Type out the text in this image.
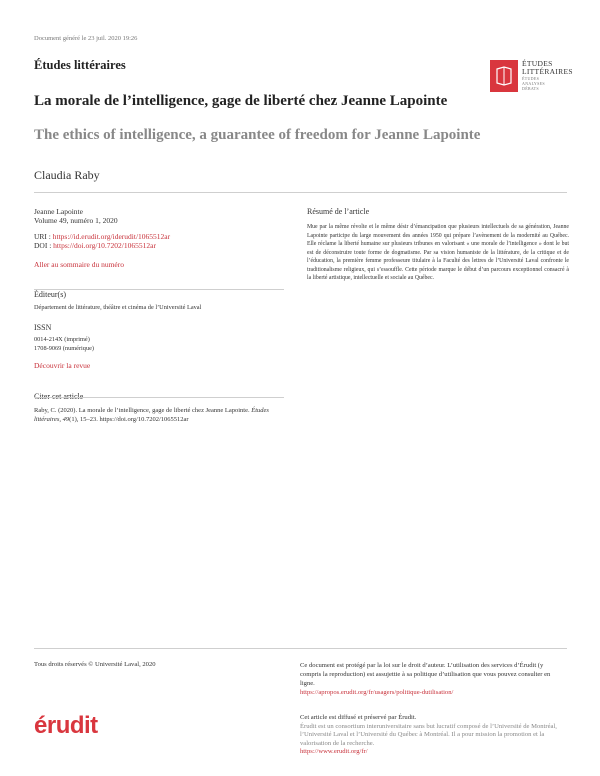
Document généré le 23 juil. 2020 19:26
Études littéraires	ÉTUDES
LITTÉRAIRES
ÉTUDES
ANALYSES
DÉBATS
La morale de l’intelligence, gage de liberté chez Jeanne Lapointe
The ethics of intelligence, a guarantee of freedom for Jeanne Lapointe
Claudia Raby
Jeanne Lapointe
Volume 49, numéro 1, 2020
URI : https://id.erudit.org/iderudit/1065512ar
DOI : https://doi.org/10.7202/1065512ar
Aller au sommaire du numéro
Éditeur(s)
Département de littérature, théâtre et cinéma de l’Université Laval
ISSN
0014-214X (imprimé)
1708-9069 (numérique)
Découvrir la revue
Raby, C. (2020). La morale de l’intelligence, gage de liberté chez Jeanne Lapointe. Études littéraires, 49(1), 15–23. https://doi.org/10.7202/1065512ar
Résumé de l’article
Mue par la même révolte et le même désir d’émancipation que plusieurs intellectuels de sa génération, Jeanne Lapointe participe du large mouvement des années 1950 qui prépare l’avènement de la modernité au Québec. Elle réclame la liberté humaine sur plusieurs tribunes en valorisant « une morale de l’intelligence » dont le but est de déconstruire toute forme de dogmatisme. Par sa vision humaniste de la littérature, de la critique et de l’éducation, la première femme professeure titulaire à la Faculté des lettres de l’Université Laval confronte le traditionalisme religieux, qui s’essouffle. Cette période marque le début d’un parcours exceptionnel consacré à la liberté artistique, intellectuelle et sociale au Québec.
Tous droits réservés © Université Laval, 2020	Ce document est protégé par la loi sur le droit d’auteur. L’utilisation des services d’Érudit (y compris la reproduction) est assujettie à sa politique d’utilisation que vous pouvez consulter en ligne.
https://apropos.erudit.org/fr/usagers/politique-dutilisation/
érudit	Cet article est diffusé et préservé par Érudit.
Érudit est un consortium interuniversitaire sans but lucratif composé de l’Université de Montréal, l’Université Laval et l’Université du Québec à Montréal. Il a pour mission la promotion et la valorisation de la recherche.
https://www.erudit.org/fr/
